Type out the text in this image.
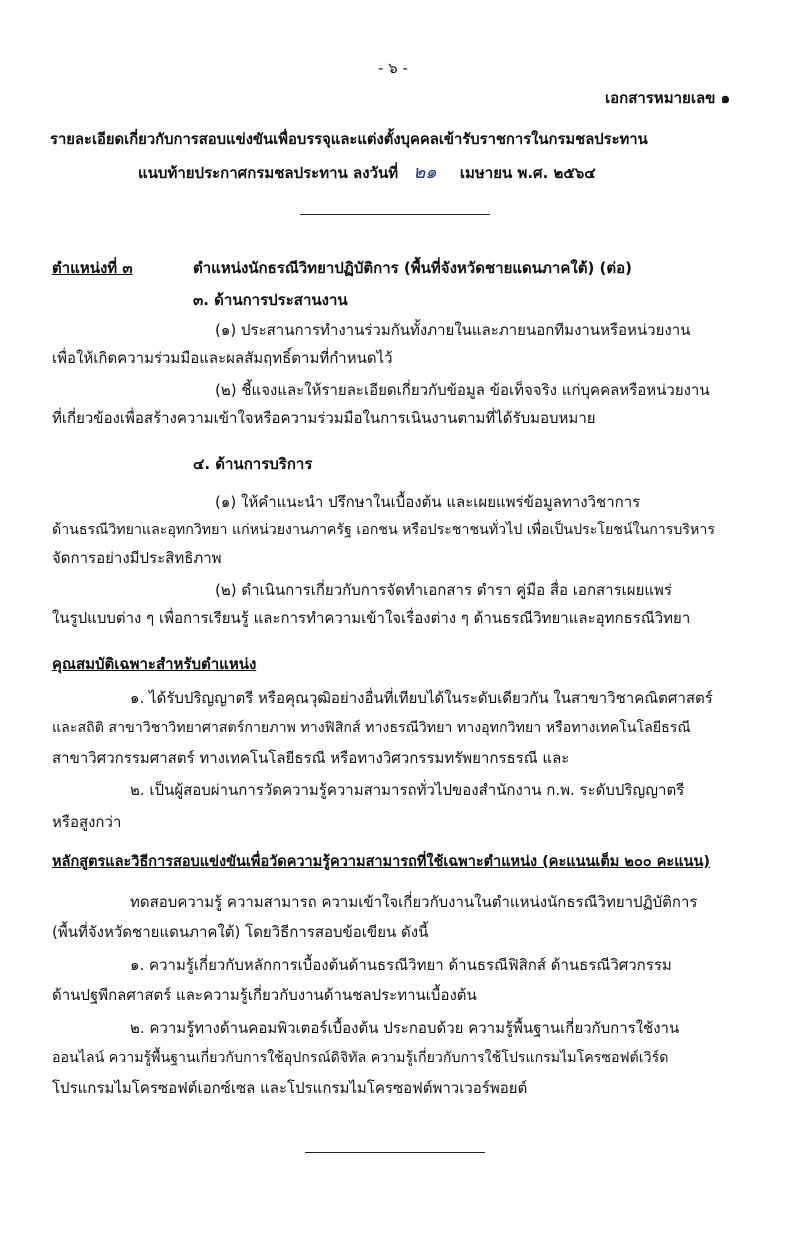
- ๖ -
เอกสารหมายเลข ๑
รายละเอียดเกี่ยวกับการสอบแข่งขันเพื่อบรรจุและแต่งตั้งบุคคลเข้ารับราชการในกรมชลประทาน
แนบท้ายประกาศกรมชลประทาน ลงวันที่ ๒๑ เมษายน พ.ศ. ๒๕๖๔
ตำแหน่งที่ ๓	ตำแหน่งนักธรณีวิทยาปฏิบัติการ (พื้นที่จังหวัดชายแดนภาคใต้) (ต่อ)
๓. ด้านการประสานงาน
(๑) ประสานการทำงานร่วมกันทั้งภายในและภายนอกทีมงานหรือหน่วยงาน
เพื่อให้เกิดความร่วมมือและผลสัมฤทธิ์ตามที่กำหนดไว้
(๒) ชี้แจงและให้รายละเอียดเกี่ยวกับข้อมูล ข้อเท็จจริง แก่บุคคลหรือหน่วยงาน
ที่เกี่ยวข้องเพื่อสร้างความเข้าใจหรือความร่วมมือในการเนินงานตามที่ได้รับมอบหมาย
๔. ด้านการบริการ
(๑) ให้คำแนะนำ ปรึกษาในเบื้องต้น และเผยแพร่ข้อมูลทางวิชาการ
ด้านธรณีวิทยาและอุทกวิทยา แก่หน่วยงานภาครัฐ เอกชน หรือประชาชนทั่วไป เพื่อเป็นประโยชน์ในการบริหาร
จัดการอย่างมีประสิทธิภาพ
(๒) ดำเนินการเกี่ยวกับการจัดทำเอกสาร ตำรา คู่มือ สื่อ เอกสารเผยแพร่
ในรูปแบบต่าง ๆ เพื่อการเรียนรู้ และการทำความเข้าใจเรื่องต่าง ๆ ด้านธรณีวิทยาและอุทกธรณีวิทยา
คุณสมบัติเฉพาะสำหรับตำแหน่ง
๑. ได้รับปริญญาตรี หรือคุณวุฒิอย่างอื่นที่เทียบได้ในระดับเดียวกัน ในสาขาวิชาคณิตศาสตร์
และสถิติ สาขาวิชาวิทยาศาสตร์กายภาพ ทางฟิสิกส์ ทางธรณีวิทยา ทางอุทกวิทยา หรือทางเทคโนโลยีธรณี
สาขาวิศวกรรมศาสตร์ ทางเทคโนโลยีธรณี หรือทางวิศวกรรมทรัพยากรธรณี และ
๒. เป็นผู้สอบผ่านการวัดความรู้ความสามารถทั่วไปของสำนักงาน ก.พ. ระดับปริญญาตรี
หรือสูงกว่า
หลักสูตรและวิธีการสอบแข่งขันเพื่อวัดความรู้ความสามารถที่ใช้เฉพาะตำแหน่ง (คะแนนเต็ม ๒๐๐ คะแนน)
ทดสอบความรู้ ความสามารถ ความเข้าใจเกี่ยวกับงานในตำแหน่งนักธรณีวิทยาปฏิบัติการ
(พื้นที่จังหวัดชายแดนภาคใต้) โดยวิธีการสอบข้อเขียน ดังนี้
๑. ความรู้เกี่ยวกับหลักการเบื้องต้นด้านธรณีวิทยา ด้านธรณีฟิสิกส์ ด้านธรณีวิศวกรรม
ด้านปฐพีกลศาสตร์ และความรู้เกี่ยวกับงานด้านชลประทานเบื้องต้น
๒. ความรู้ทางด้านคอมพิวเตอร์เบื้องต้น ประกอบด้วย ความรู้พื้นฐานเกี่ยวกับการใช้งาน
ออนไลน์ ความรู้พื้นฐานเกี่ยวกับการใช้อุปกรณ์ดิจิทัล ความรู้เกี่ยวกับการใช้โปรแกรมไมโครซอฟต์เวิร์ด
โปรแกรมไมโครซอฟต์เอกซ์เซล และโปรแกรมไมโครซอฟต์พาวเวอร์พอยต์
